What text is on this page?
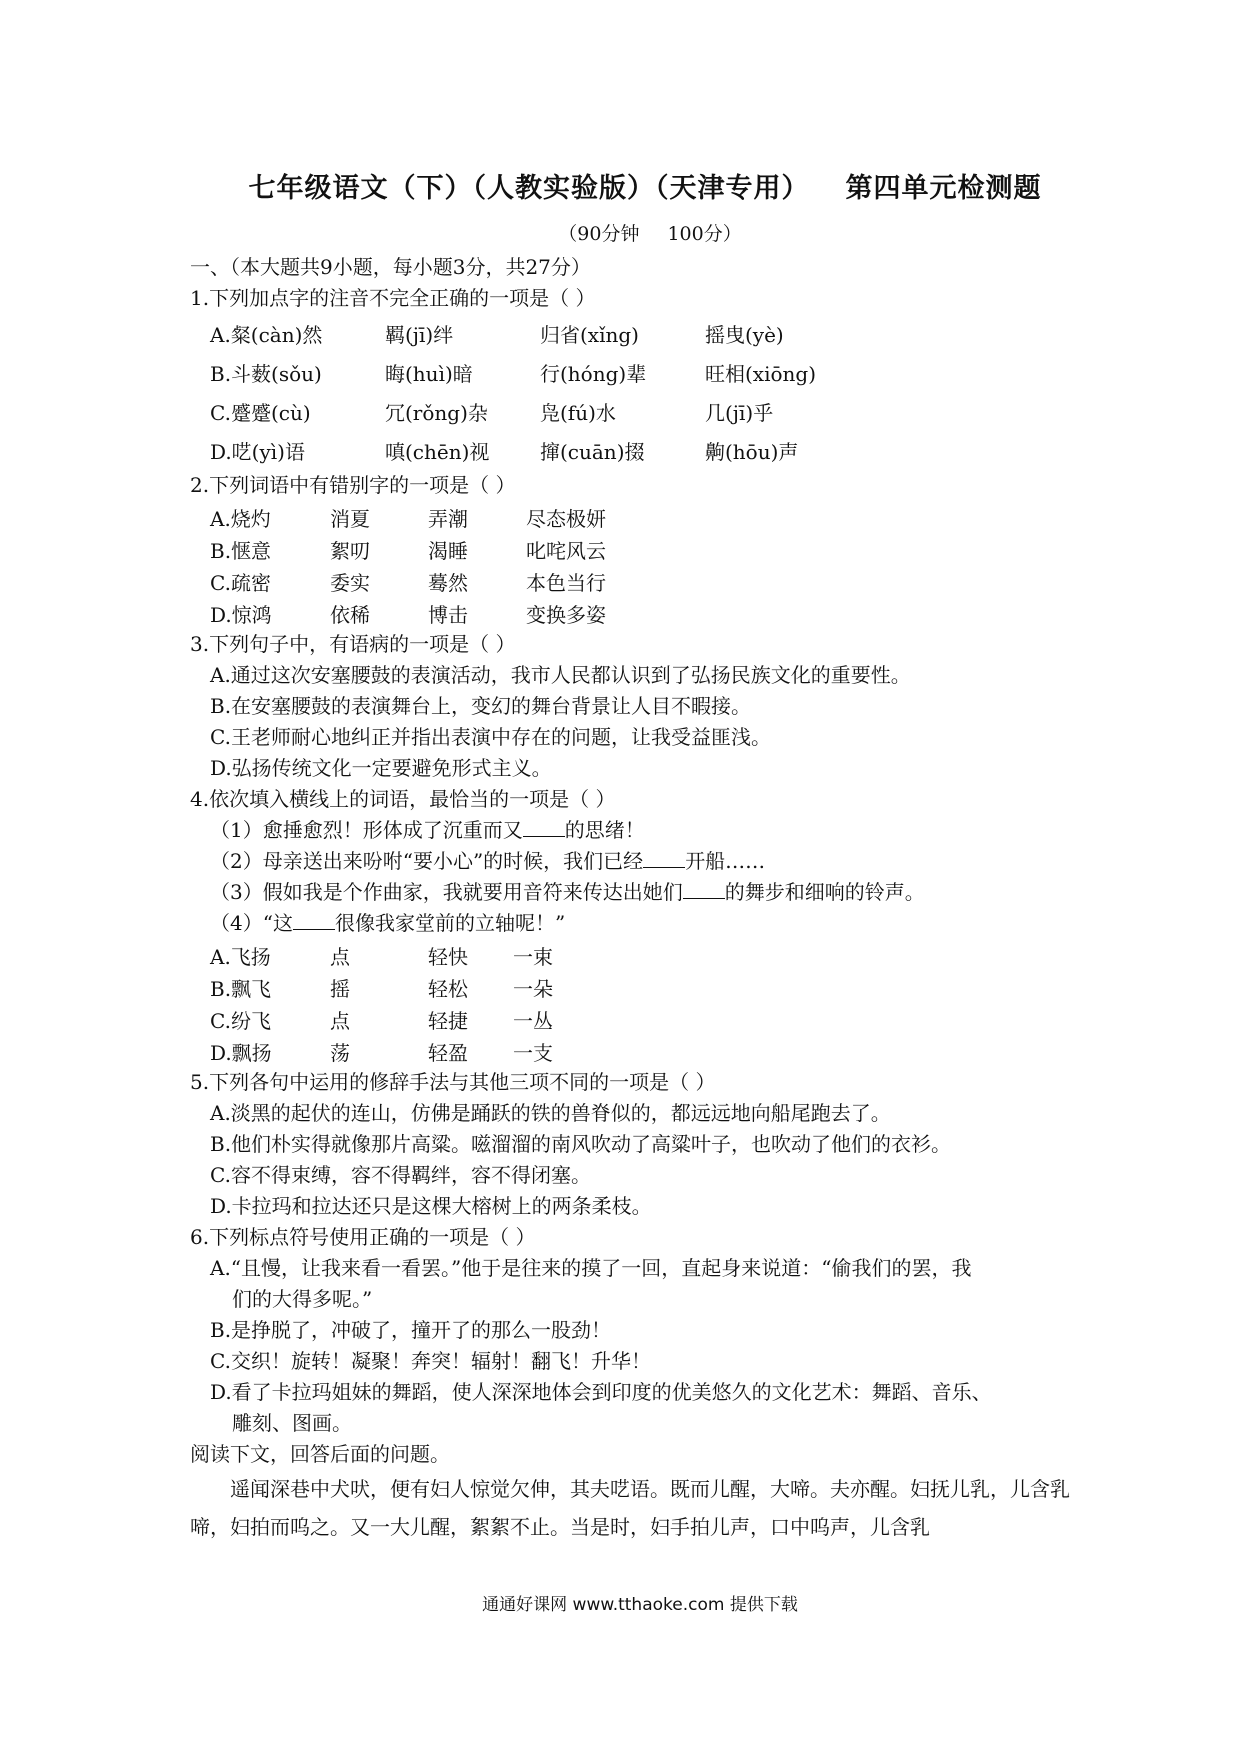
七年级语文（下）（人教实验版）（天津专用） 第四单元检测题
（90分钟 100分）
一、（本大题共9小题，每小题3分，共27分）
1.下列加点字的注音不完全正确的一项是（ ）
A.粲(càn)然	羁(jī)绊	归省(xǐng)	摇曳(yè)
B.斗薮(sǒu)	晦(huì)暗	行(hóng)辈	旺相(xiōng)
C.蹙蹙(cù)	冗(rǒng)杂	凫(fú)水	几(jī)乎
D.呓(yì)语	嗔(chēn)视	撺(cuān)掇	齁(hōu)声
2.下列词语中有错别字的一项是（ ）
A.烧灼	消夏	弄潮	尽态极妍
B.惬意	絮叨	渴睡	叱咤风云
C.疏密	委实	蓦然	本色当行
D.惊鸿	依稀	博击	变换多姿
3.下列句子中，有语病的一项是（ ）
A.通过这次安塞腰鼓的表演活动，我市人民都认识到了弘扬民族文化的重要性。
B.在安塞腰鼓的表演舞台上，变幻的舞台背景让人目不暇接。
C.王老师耐心地纠正并指出表演中存在的问题，让我受益匪浅。
D.弘扬传统文化一定要避免形式主义。
4.依次填入横线上的词语，最恰当的一项是（ ）
（1）愈捶愈烈！形体成了沉重而又 的思绪！
（2）母亲送出来吩咐“要小心”的时候，我们已经 开船……
（3）假如我是个作曲家，我就要用音符来传达出她们 的舞步和细响的铃声。
（4）“这 很像我家堂前的立轴呢！”
A.飞扬	点	轻快	一束
B.飘飞	摇	轻松	一朵
C.纷飞	点	轻捷	一丛
D.飘扬	荡	轻盈	一支
5.下列各句中运用的修辞手法与其他三项不同的一项是（ ）
A.淡黑的起伏的连山，仿佛是踊跃的铁的兽脊似的，都远远地向船尾跑去了。
B.他们朴实得就像那片高粱。嗞溜溜的南风吹动了高粱叶子，也吹动了他们的衣衫。
C.容不得束缚，容不得羁绊，容不得闭塞。
D.卡拉玛和拉达还只是这棵大榕树上的两条柔枝。
6.下列标点符号使用正确的一项是（ ）
A.“且慢，让我来看一看罢。”他于是往来的摸了一回，直起身来说道：“偷我们的罢，我
们的大得多呢。”
B.是挣脱了，冲破了，撞开了的那么一股劲！
C.交织！旋转！凝聚！奔突！辐射！翻飞！升华！
D.看了卡拉玛姐妹的舞蹈，使人深深地体会到印度的优美悠久的文化艺术：舞蹈、音乐、
雕刻、图画。
阅读下文，回答后面的问题。
遥闻深巷中犬吠，便有妇人惊觉欠伸，其夫呓语。既而儿醒，大啼。夫亦醒。妇抚儿乳，儿含乳啼，妇拍而呜之。又一大儿醒，絮絮不止。当是时，妇手拍儿声，口中呜声，儿含乳
通通好课网 www.tthaoke.com 提供下载
